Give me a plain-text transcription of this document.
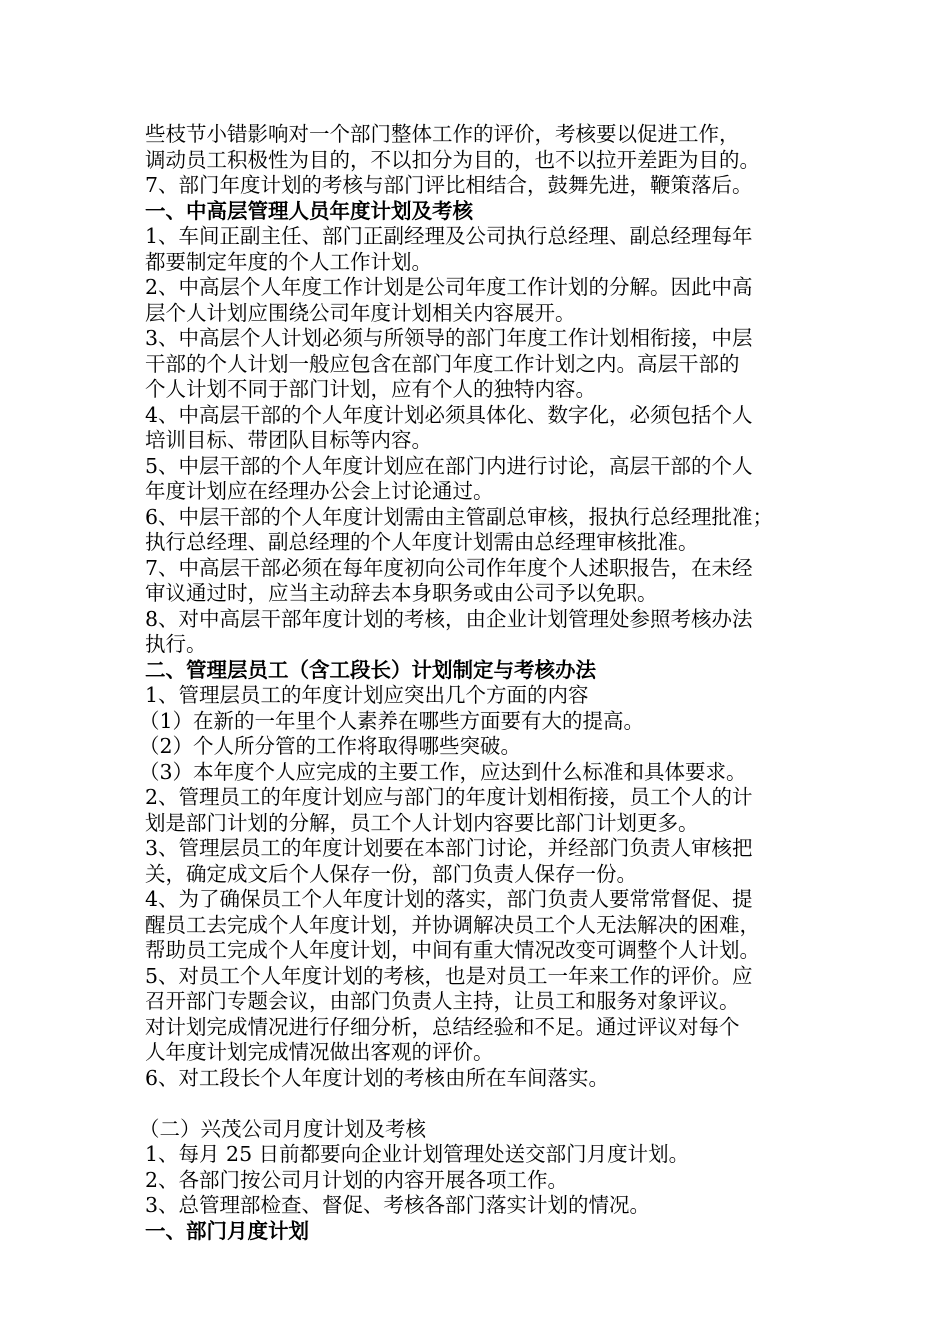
些枝节小错影响对一个部门整体工作的评价，考核要以促进工作，
调动员工积极性为目的，不以扣分为目的，也不以拉开差距为目的。
7、部门年度计划的考核与部门评比相结合，鼓舞先进，鞭策落后。
一、中高层管理人员年度计划及考核
1、车间正副主任、部门正副经理及公司执行总经理、副总经理每年
都要制定年度的个人工作计划。
2、中高层个人年度工作计划是公司年度工作计划的分解。因此中高
层个人计划应围绕公司年度计划相关内容展开。
3、中高层个人计划必须与所领导的部门年度工作计划相衔接，中层
干部的个人计划一般应包含在部门年度工作计划之内。高层干部的
个人计划不同于部门计划，应有个人的独特内容。
4、中高层干部的个人年度计划必须具体化、数字化，必须包括个人
培训目标、带团队目标等内容。
5、中层干部的个人年度计划应在部门内进行讨论，高层干部的个人
年度计划应在经理办公会上讨论通过。
6、中层干部的个人年度计划需由主管副总审核，报执行总经理批准；
执行总经理、副总经理的个人年度计划需由总经理审核批准。
7、中高层干部必须在每年度初向公司作年度个人述职报告，在未经
审议通过时，应当主动辞去本身职务或由公司予以免职。
8、对中高层干部年度计划的考核，由企业计划管理处参照考核办法
执行。
二、管理层员工（含工段长）计划制定与考核办法
1、管理层员工的年度计划应突出几个方面的内容
（1）在新的一年里个人素养在哪些方面要有大的提高。
（2）个人所分管的工作将取得哪些突破。
（3）本年度个人应完成的主要工作，应达到什么标准和具体要求。
2、管理员工的年度计划应与部门的年度计划相衔接，员工个人的计
划是部门计划的分解，员工个人计划内容要比部门计划更多。
3、管理层员工的年度计划要在本部门讨论，并经部门负责人审核把
关，确定成文后个人保存一份，部门负责人保存一份。
4、为了确保员工个人年度计划的落实，部门负责人要常常督促、提
醒员工去完成个人年度计划，并协调解决员工个人无法解决的困难，
帮助员工完成个人年度计划，中间有重大情况改变可调整个人计划。
5、对员工个人年度计划的考核，也是对员工一年来工作的评价。应
召开部门专题会议，由部门负责人主持，让员工和服务对象评议。
对计划完成情况进行仔细分析，总结经验和不足。通过评议对每个
人年度计划完成情况做出客观的评价。
6、对工段长个人年度计划的考核由所在车间落实。
（二）兴茂公司月度计划及考核
1、每月 25 日前都要向企业计划管理处送交部门月度计划。
2、各部门按公司月计划的内容开展各项工作。
3、总管理部检查、督促、考核各部门落实计划的情况。
一、部门月度计划
